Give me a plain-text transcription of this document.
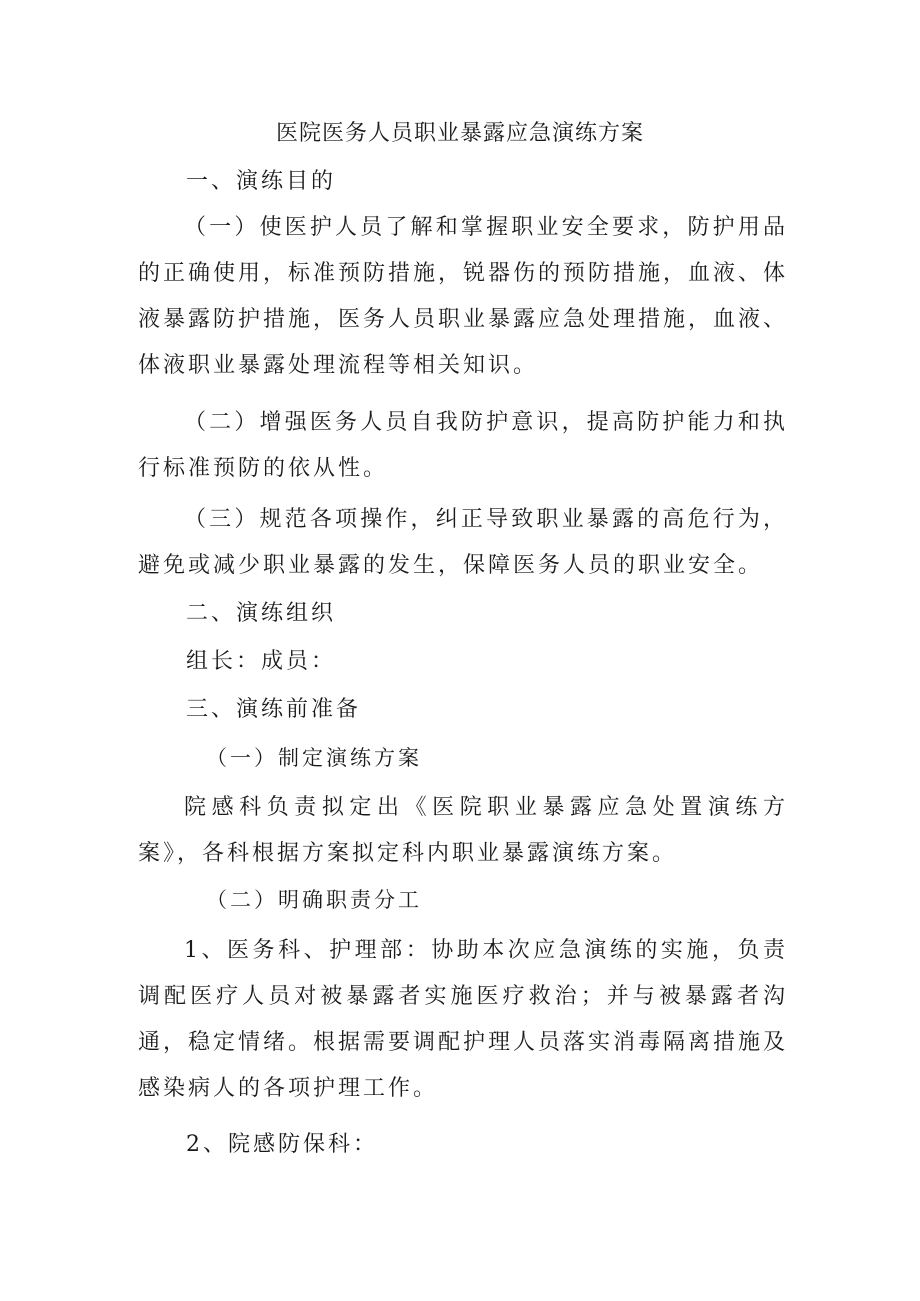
医院医务人员职业暴露应急演练方案
一、演练目的

（一）使医护人员了解和掌握职业安全要求，防护用品的正确使用，标准预防措施，锐器伤的预防措施，血液、体液暴露防护措施，医务人员职业暴露应急处理措施，血液、体液职业暴露处理流程等相关知识。

（二）增强医务人员自我防护意识，提高防护能力和执行标准预防的依从性。

（三）规范各项操作，纠正导致职业暴露的高危行为，避免或减少职业暴露的发生，保障医务人员的职业安全。

二、演练组织
组长：成员：
三、演练前准备
（一）制定演练方案

院感科负责拟定出《医院职业暴露应急处置演练方案》，各科根据方案拟定科内职业暴露演练方案。

（二）明确职责分工

1、医务科、护理部：协助本次应急演练的实施，负责调配医疗人员对被暴露者实施医疗救治；并与被暴露者沟通，稳定情绪。根据需要调配护理人员落实消毒隔离措施及感染病人的各项护理工作。

2、院感防保科：
